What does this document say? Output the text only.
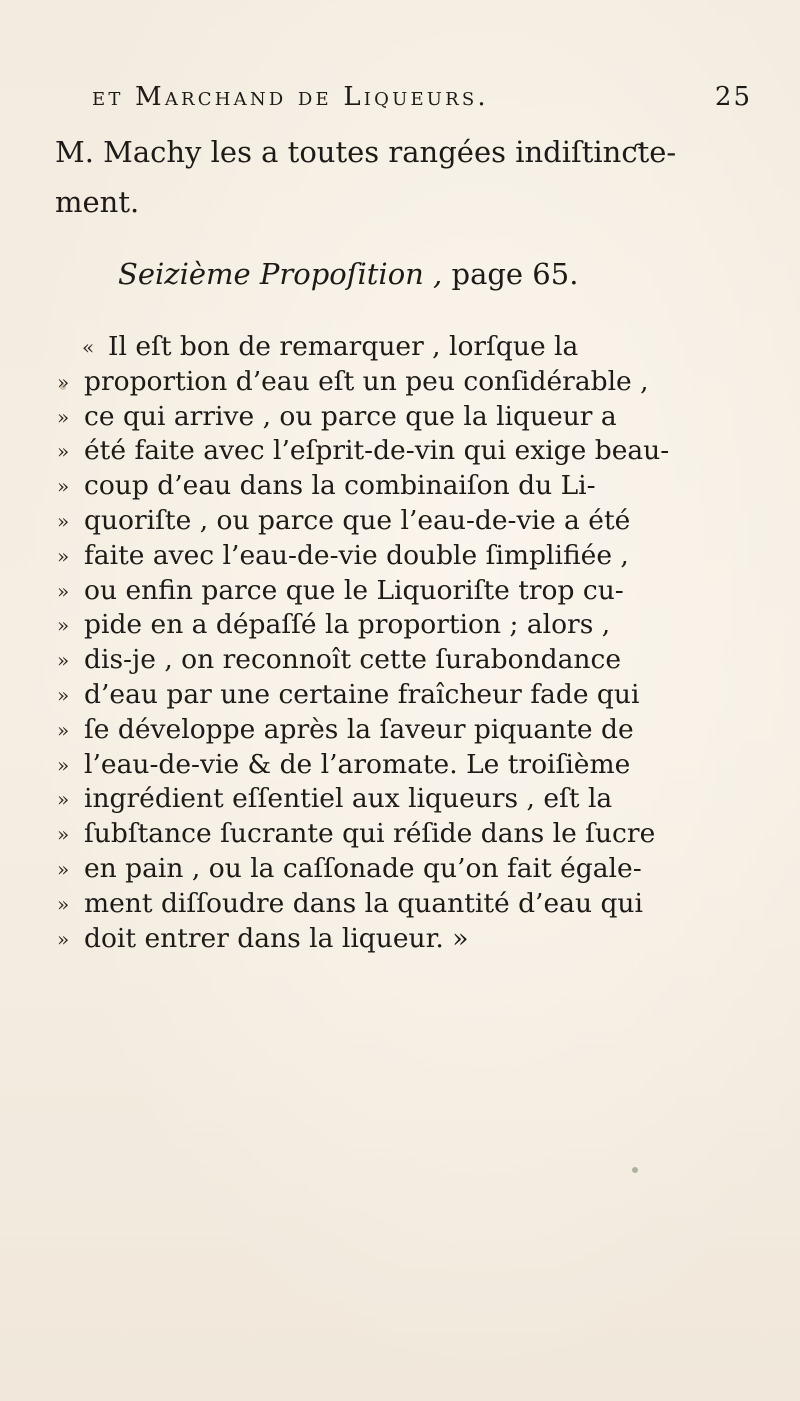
et Marchand de Liqueurs.	25
M. Machy les a toutes rangées indiſtinƈte-
ment.
Seizième Propoſition , page 65.
« Il eſt bon de remarquer , lorſque la
» proportion d’eau eſt un peu conſidérable ,
» ce qui arrive , ou parce que la liqueur a
» été faite avec l’eſprit-de-vin qui exige beau-
» coup d’eau dans la combinaiſon du Li-
» quoriſte , ou parce que l’eau-de-vie a été
» faite avec l’eau-de-vie double ſimplifiée ,
» ou enfin parce que le Liquoriſte trop cu-
» pide en a dépaſſé la proportion ; alors ,
» dis-je , on reconnoît cette ſurabondance
» d’eau par une certaine fraîcheur fade qui
» ſe développe après la ſaveur piquante de
» l’eau-de-vie & de l’aromate. Le troiſième
» ingrédient eſſentiel aux liqueurs , eſt la
» ſubſtance ſucrante qui réſide dans le ſucre
» en pain , ou la caſſonade qu’on fait égale-
» ment diſſoudre dans la quantité d’eau qui
» doit entrer dans la liqueur. »
